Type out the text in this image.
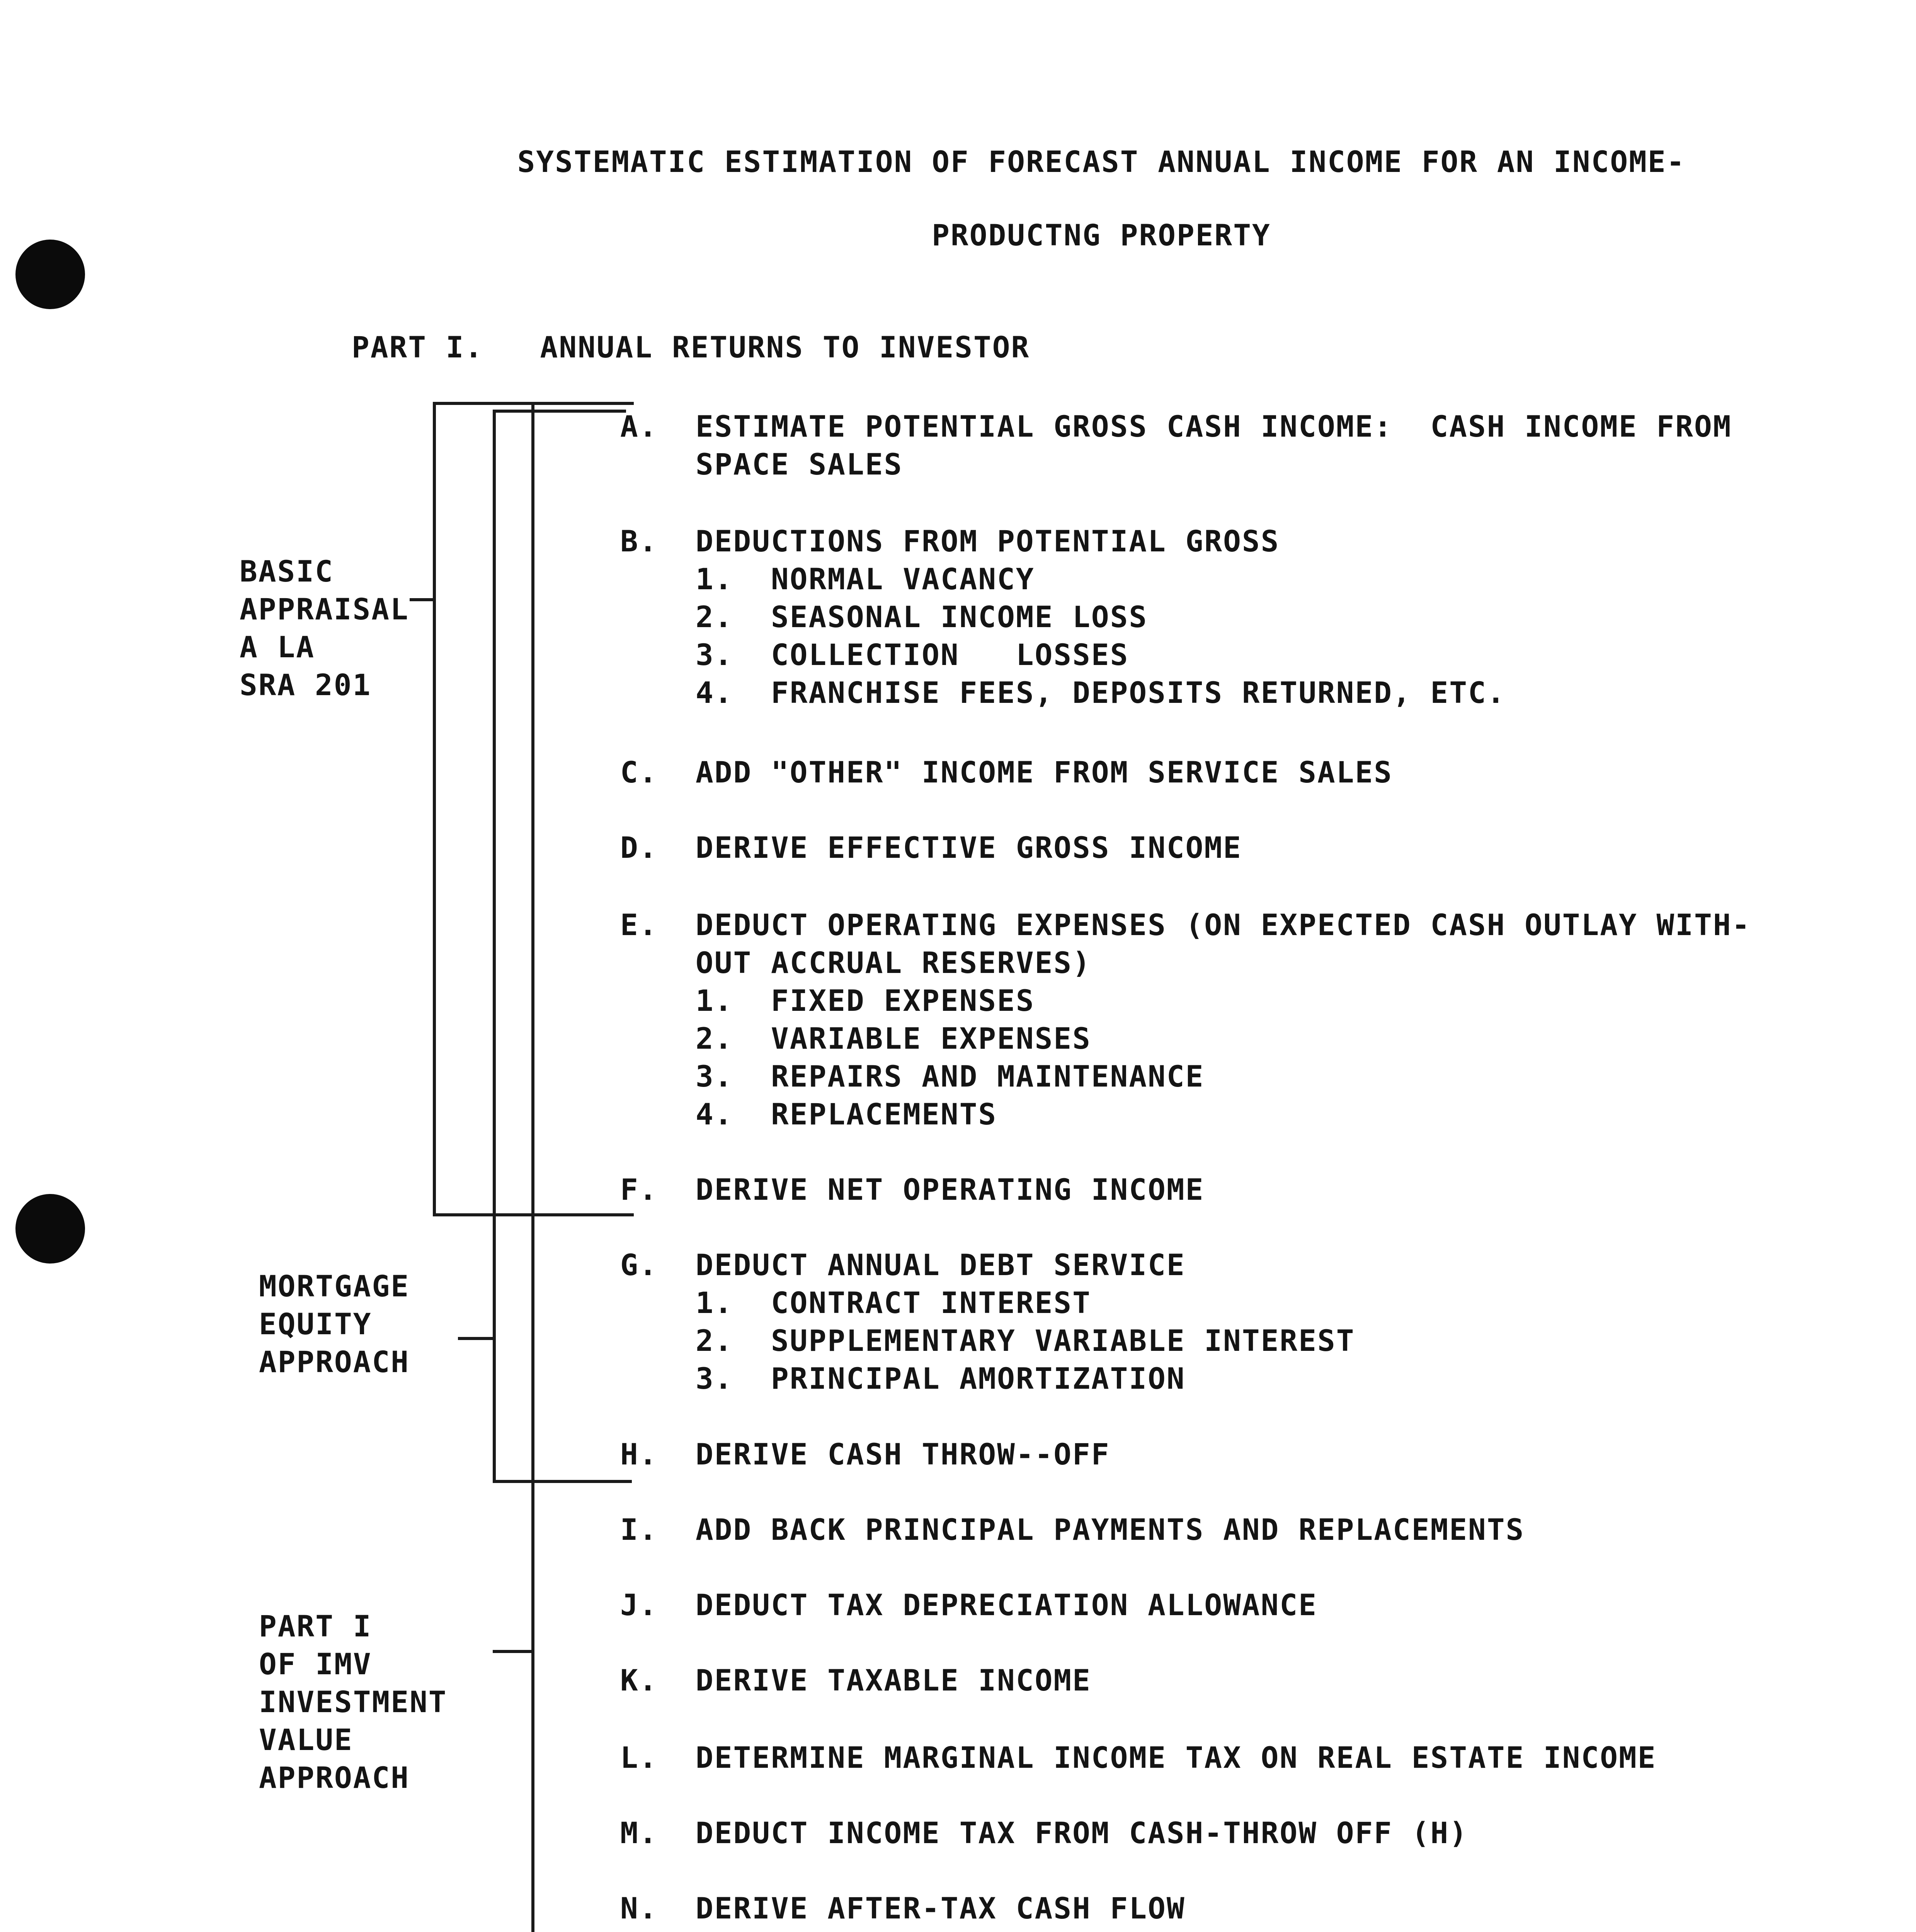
SYSTEMATIC ESTIMATION OF FORECAST ANNUAL INCOME FOR AN INCOME-
PRODUCTNG PROPERTY
PART I.   ANNUAL RETURNS TO INVESTOR
BASIC
APPRAISAL
A LA
SRA 201
MORTGAGE
EQUITY
APPROACH
PART I
OF IMV
INVESTMENT
VALUE
APPROACH
A. ESTIMATE POTENTIAL GROSS CASH INCOME:  CASH INCOME FROM
SPACE SALES
B. DEDUCTIONS FROM POTENTIAL GROSS
1.  NORMAL VACANCY
2.  SEASONAL INCOME LOSS
3.  COLLECTION   LOSSES
4.  FRANCHISE FEES, DEPOSITS RETURNED, ETC.
C. ADD "OTHER" INCOME FROM SERVICE SALES
D. DERIVE EFFECTIVE GROSS INCOME
E. DEDUCT OPERATING EXPENSES (ON EXPECTED CASH OUTLAY WITH-
OUT ACCRUAL RESERVES)
1.  FIXED EXPENSES
2.  VARIABLE EXPENSES
3.  REPAIRS AND MAINTENANCE
4.  REPLACEMENTS
F. DERIVE NET OPERATING INCOME
G. DEDUCT ANNUAL DEBT SERVICE
1.  CONTRACT INTEREST
2.  SUPPLEMENTARY VARIABLE INTEREST
3.  PRINCIPAL AMORTIZATION
H. DERIVE CASH THROW--OFF
I. ADD BACK PRINCIPAL PAYMENTS AND REPLACEMENTS
J. DEDUCT TAX DEPRECIATION ALLOWANCE
K. DERIVE TAXABLE INCOME
L. DETERMINE MARGINAL INCOME TAX ON REAL ESTATE INCOME
M. DEDUCT INCOME TAX FROM CASH-THROW OFF (H)
N. DERIVE AFTER-TAX CASH FLOW
